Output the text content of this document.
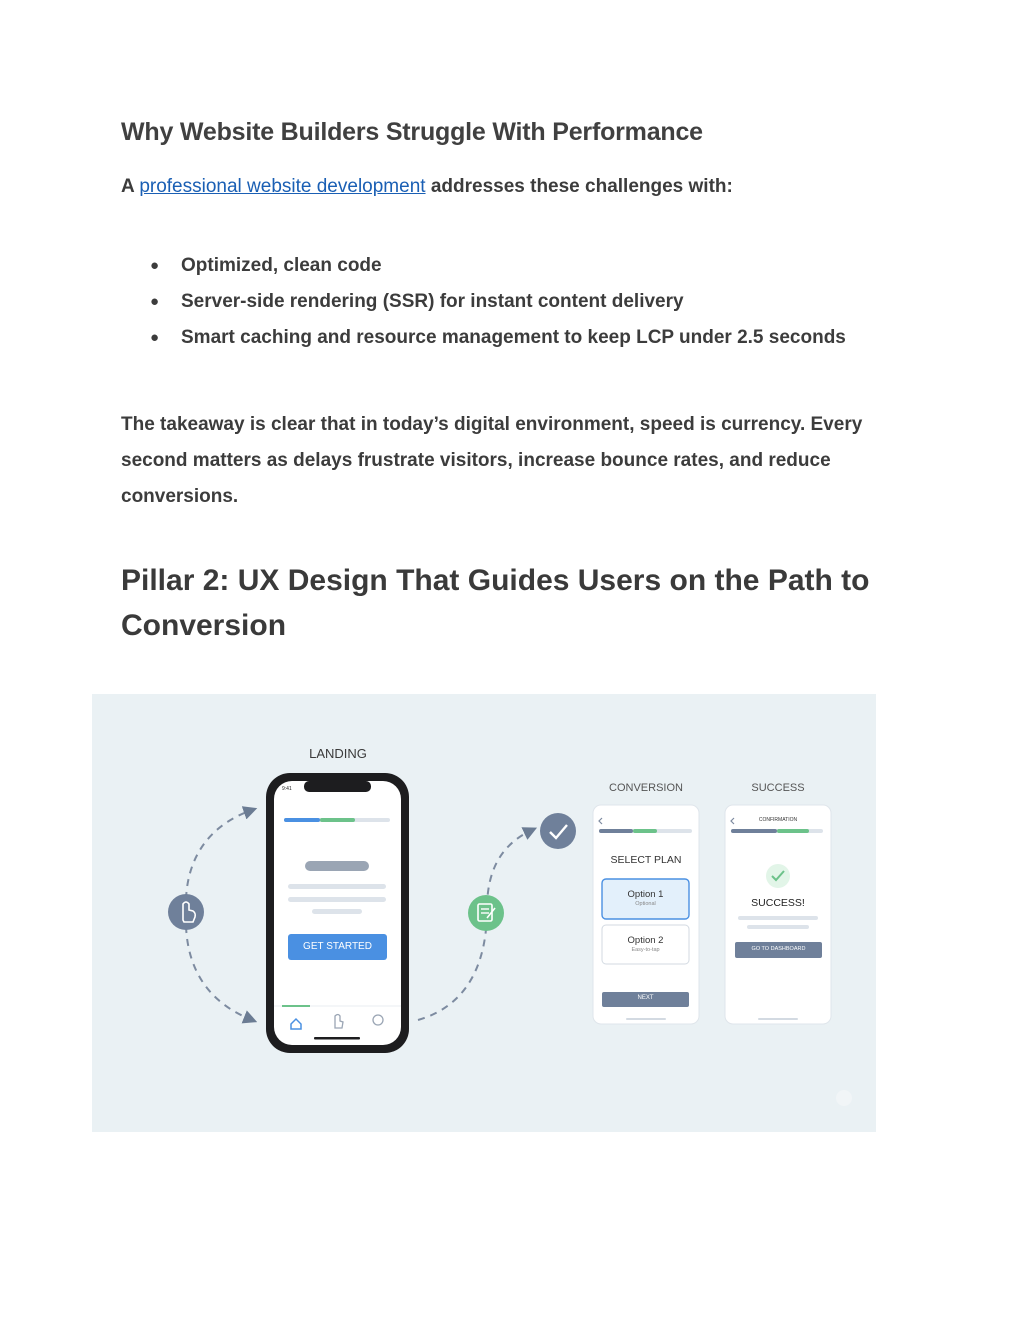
Why Website Builders Struggle With Performance

A professional website development addresses these challenges with:

● Optimized, clean code
● Server-side rendering (SSR) for instant content delivery
● Smart caching and resource management to keep LCP under 2.5 seconds

The takeaway is clear that in today’s digital environment, speed is currency. Every second matters as delays frustrate visitors, increase bounce rates, and reduce conversions.

Pillar 2: UX Design That Guides Users on the Path to Conversion
LANDING
CONVERSION	SUCCESS
9:41
GET STARTED
SELECT PLAN
Option 1
Optional
Option 2
Easy-to-tap
NEXT
CONFIRMATION
SUCCESS!
GO TO DASHBOARD
